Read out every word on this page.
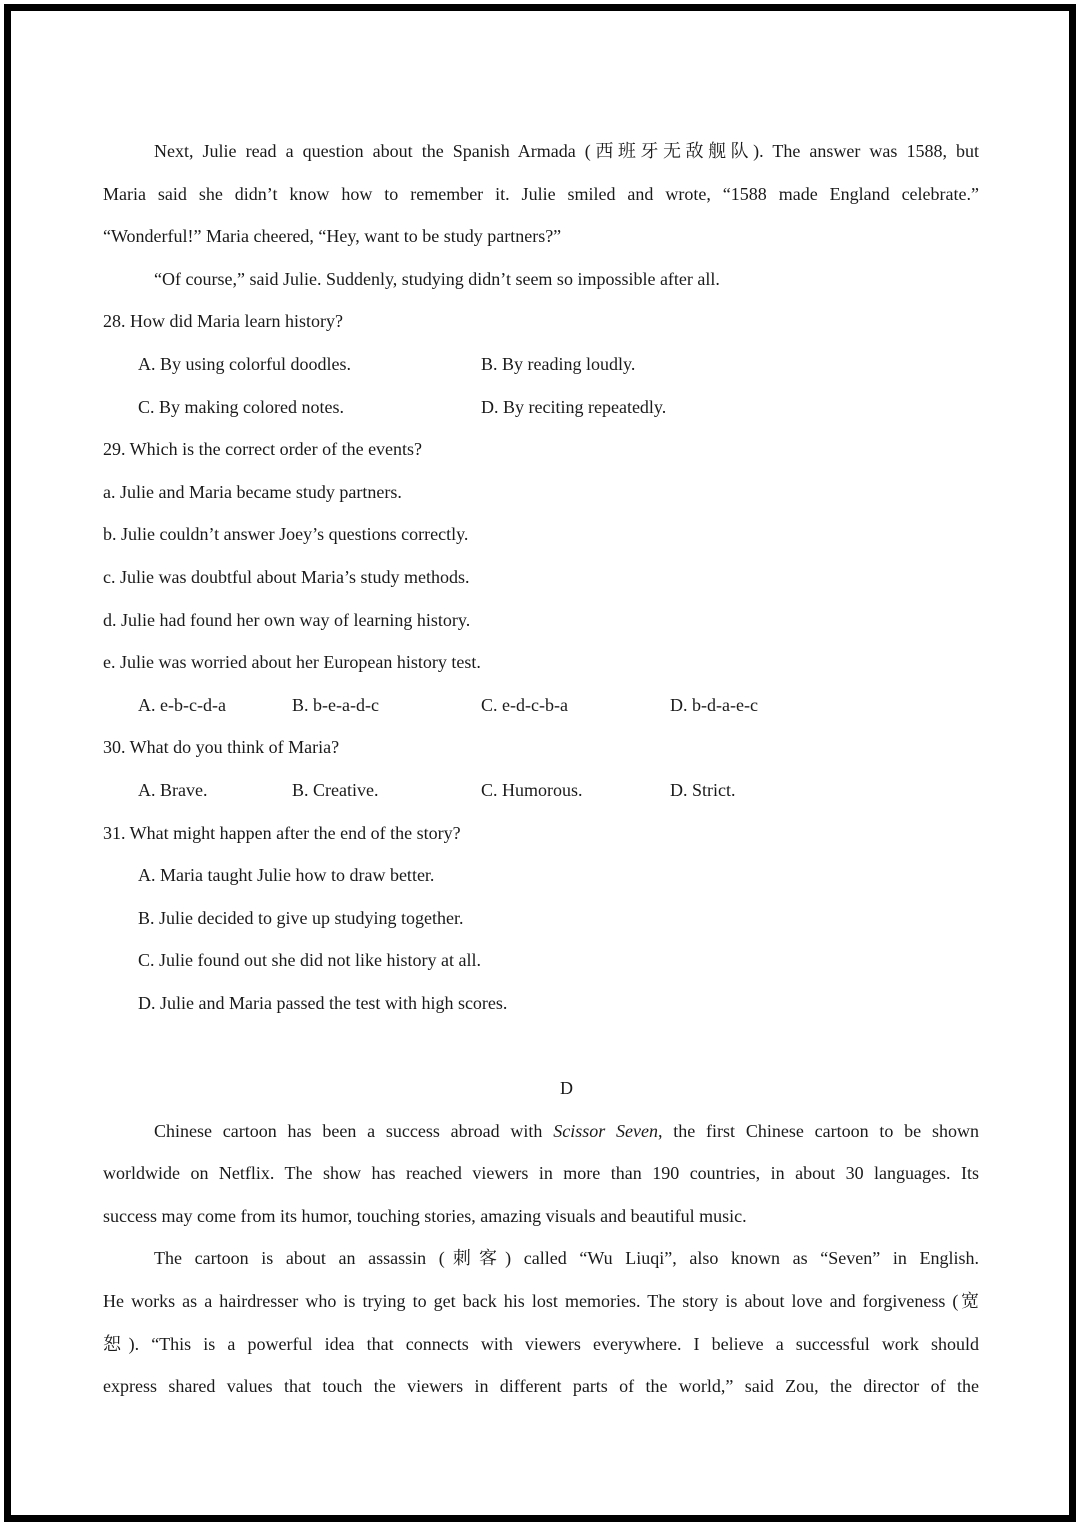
Next, Julie read a question about the Spanish Armada (西班牙无敌舰队). The answer was 1588, but
Maria said she didn’t know how to remember it. Julie smiled and wrote, “1588 made England celebrate.”
“Wonderful!” Maria cheered, “Hey, want to be study partners?”
“Of course,” said Julie. Suddenly, studying didn’t seem so impossible after all.
28. How did Maria learn history?
A. By using colorful doodles.	B. By reading loudly.
C. By making colored notes.	D. By reciting repeatedly.
29. Which is the correct order of the events?
a. Julie and Maria became study partners.
b. Julie couldn’t answer Joey’s questions correctly.
c. Julie was doubtful about Maria’s study methods.
d. Julie had found her own way of learning history.
e. Julie was worried about her European history test.
A. e-b-c-d-a	B. b-e-a-d-c	C. e-d-c-b-a	D. b-d-a-e-c
30. What do you think of Maria?
A. Brave.	B. Creative.	C. Humorous.	D. Strict.
31. What might happen after the end of the story?
A. Maria taught Julie how to draw better.
B. Julie decided to give up studying together.
C. Julie found out she did not like history at all.
D. Julie and Maria passed the test with high scores.
D
Chinese cartoon has been a success abroad with Scissor Seven, the first Chinese cartoon to be shown
worldwide on Netflix. The show has reached viewers in more than 190 countries, in about 30 languages. Its
success may come from its humor, touching stories, amazing visuals and beautiful music.
The cartoon is about an assassin (刺客) called “Wu Liuqi”, also known as “Seven” in English.
He works as a hairdresser who is trying to get back his lost memories. The story is about love and forgiveness (宽
恕). “This is a powerful idea that connects with viewers everywhere. I believe a successful work should
express shared values that touch the viewers in different parts of the world,” said Zou, the director of the
